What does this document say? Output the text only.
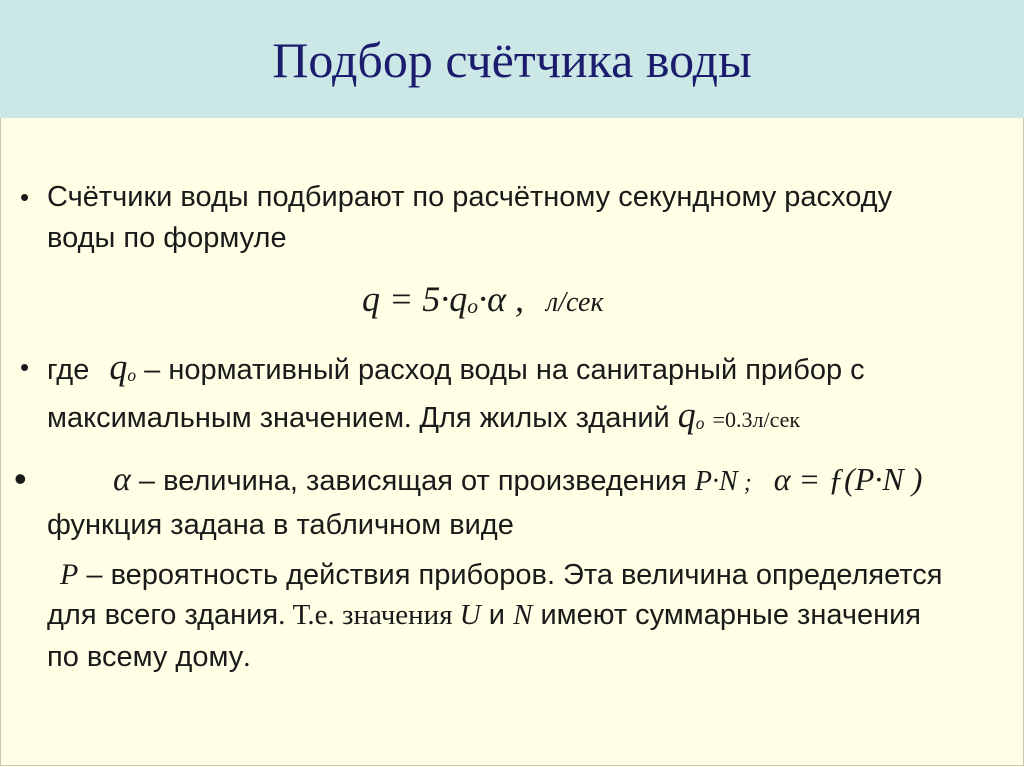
Подбор счётчика воды
• Счётчики воды подбирают по расчётному секундному расходу
воды по формуле
q = 5·qo·α , л/сек
• где qo – нормативный расход воды на санитарный прибор с
максимальным значением. Для жилых зданий qo =0.3л/сек
•	α – величина, зависящая от произведения P·N ; α = ƒ(P·N )
функция задана в табличном виде
P – вероятность действия приборов. Эта величина определяется
для всего здания. Т.е. значения U и N имеют суммарные значения
по всему дому.
